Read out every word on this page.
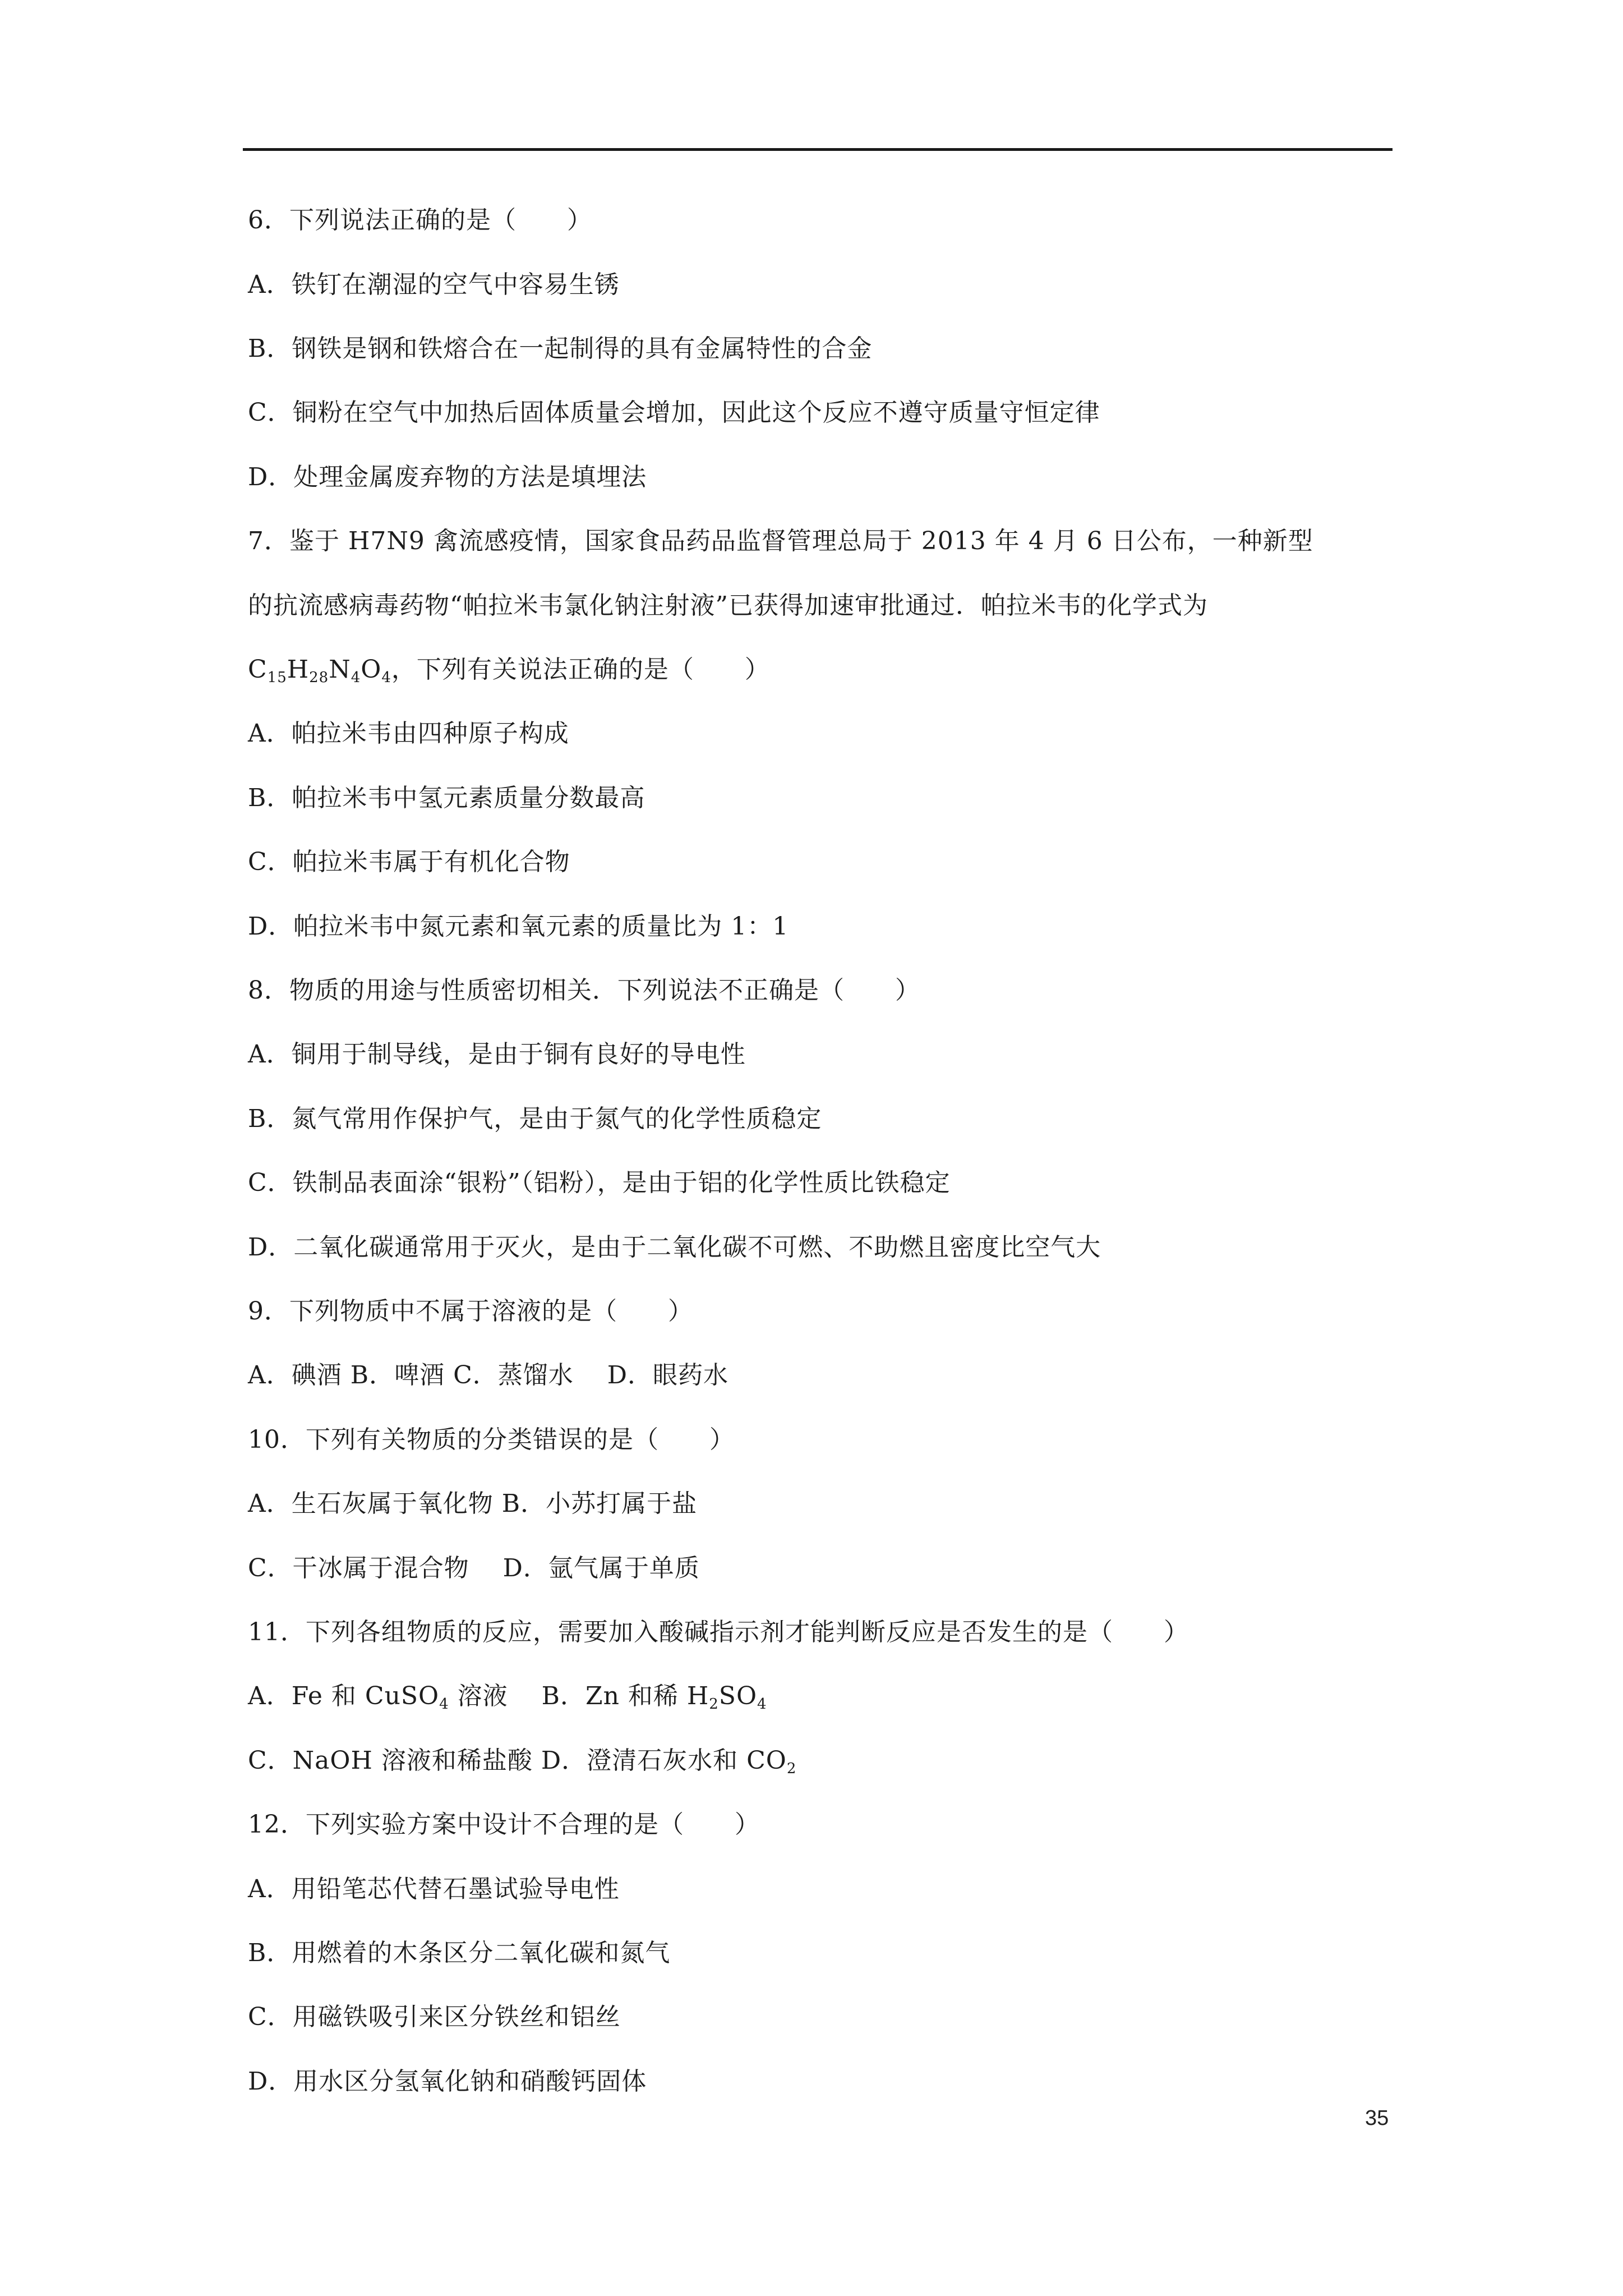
6．下列说法正确的是（　　）
A．铁钉在潮湿的空气中容易生锈
B．钢铁是钢和铁熔合在一起制得的具有金属特性的合金
C．铜粉在空气中加热后固体质量会增加，因此这个反应不遵守质量守恒定律
D．处理金属废弃物的方法是填埋法
7．鉴于 H7N9 禽流感疫情，国家食品药品监督管理总局于 2013 年 4 月 6 日公布，一种新型
的抗流感病毒药物“帕拉米韦氯化钠注射液”已获得加速审批通过．帕拉米韦的化学式为
$C_{15}H_{28}N_4O_4$，下列有关说法正确的是（　　）
A．帕拉米韦由四种原子构成
B．帕拉米韦中氢元素质量分数最高
C．帕拉米韦属于有机化合物
D．帕拉米韦中氮元素和氧元素的质量比为 1：1
8．物质的用途与性质密切相关．下列说法不正确是（　　）
A．铜用于制导线，是由于铜有良好的导电性
B．氮气常用作保护气，是由于氮气的化学性质稳定
C．铁制品表面涂“银粉”（铝粉），是由于铝的化学性质比铁稳定
D．二氧化碳通常用于灭火，是由于二氧化碳不可燃、不助燃且密度比空气大
9．下列物质中不属于溶液的是（　　）
A．碘酒 B．啤酒 C．蒸馏水　 D．眼药水
10．下列有关物质的分类错误的是（　　）
A．生石灰属于氧化物 B．小苏打属于盐
C．干冰属于混合物　 D．氩气属于单质
11．下列各组物质的反应，需要加入酸碱指示剂才能判断反应是否发生的是（　　）
A．Fe 和 CuSO$_4$ 溶液　 B．Zn 和稀 $H_2SO_4$
C．NaOH 溶液和稀盐酸 D．澄清石灰水和 $CO_2$
12．下列实验方案中设计不合理的是（　　）
A．用铅笔芯代替石墨试验导电性
B．用燃着的木条区分二氧化碳和氮气
C．用磁铁吸引来区分铁丝和铝丝
D．用水区分氢氧化钠和硝酸钙固体
35
